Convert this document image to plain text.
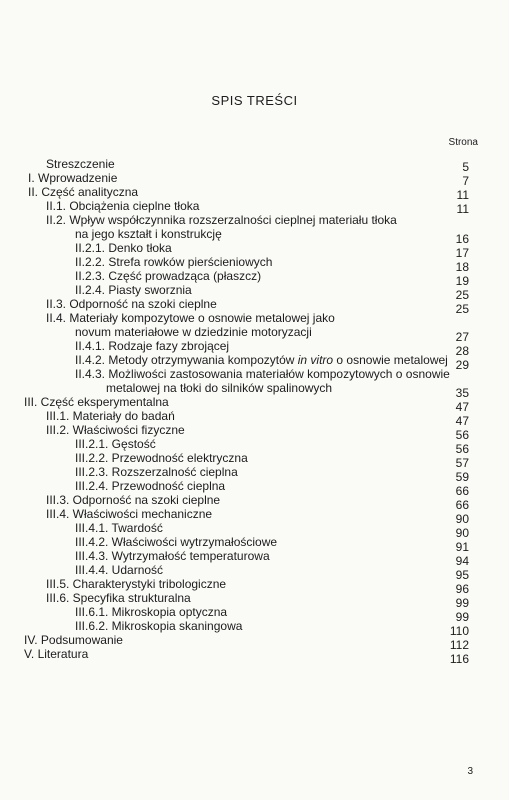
SPIS TREŚCI
Strona
Streszczenie	5
I. Wprowadzenie	7
II. Część analityczna	11
II.1. Obciążenia cieplne tłoka	11
II.2. Wpływ współczynnika rozszerzalności cieplnej materiału tłoka
na jego kształt i konstrukcję	16
II.2.1. Denko tłoka	17
II.2.2. Strefa rowków pierścieniowych	18
II.2.3. Część prowadząca (płaszcz)	19
II.2.4. Piasty sworznia	25
II.3. Odporność na szoki cieplne	25
II.4. Materiały kompozytowe o osnowie metalowej jako
novum materiałowe w dziedzinie motoryzacji	27
II.4.1. Rodzaje fazy zbrojącej	28
II.4.2. Metody otrzymywania kompozytów in vitro o osnowie metalowej 29
II.4.3. Możliwości zastosowania materiałów kompozytowych o osnowie
metalowej na tłoki do silników spalinowych	35
III. Część eksperymentalna	47
III.1. Materiały do badań	47
III.2. Właściwości fizyczne	56
III.2.1. Gęstość	56
III.2.2. Przewodność elektryczna	57
III.2.3. Rozszerzalność cieplna	59
III.2.4. Przewodność cieplna	66
III.3. Odporność na szoki cieplne	66
III.4. Właściwości mechaniczne	90
III.4.1. Twardość	90
III.4.2. Właściwości wytrzymałościowe	91
III.4.3. Wytrzymałość temperaturowa	94
III.4.4. Udarność	95
III.5. Charakterystyki tribologiczne	96
III.6. Specyfika strukturalna	99
III.6.1. Mikroskopia optyczna	99
III.6.2. Mikroskopia skaningowa	110
IV. Podsumowanie	112
V. Literatura	116
3
